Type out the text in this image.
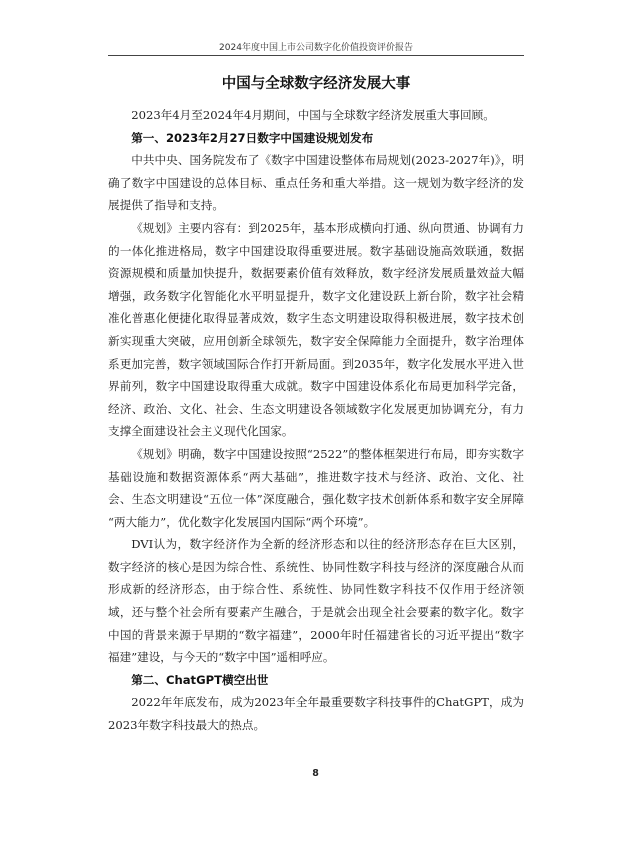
2024年度中国上市公司数字化价值投资评价报告
中国与全球数字经济发展大事

2023年4月至2024年4月期间，中国与全球数字经济发展重大事回顾。

第一、2023年2月27日数字中国建设规划发布

中共中央、国务院发布了《数字中国建设整体布局规划(2023-2027年)》，明确了数字中国建设的总体目标、重点任务和重大举措。这一规划为数字经济的发展提供了指导和支持。

《规划》主要内容有：到2025年，基本形成横向打通、纵向贯通、协调有力的一体化推进格局，数字中国建设取得重要进展。数字基础设施高效联通，数据资源规模和质量加快提升，数据要素价值有效释放，数字经济发展质量效益大幅增强，政务数字化智能化水平明显提升，数字文化建设跃上新台阶，数字社会精准化普惠化便捷化取得显著成效，数字生态文明建设取得积极进展，数字技术创新实现重大突破，应用创新全球领先，数字安全保障能力全面提升，数字治理体系更加完善，数字领域国际合作打开新局面。到2035年，数字化发展水平进入世界前列，数字中国建设取得重大成就。数字中国建设体系化布局更加科学完备，经济、政治、文化、社会、生态文明建设各领域数字化发展更加协调充分，有力支撑全面建设社会主义现代化国家。

《规划》明确，数字中国建设按照“2522”的整体框架进行布局，即夯实数字基础设施和数据资源体系“两大基础”，推进数字技术与经济、政治、文化、社会、生态文明建设“五位一体”深度融合，强化数字技术创新体系和数字安全屏障 “两大能力”，优化数字化发展国内国际“两个环境”。

DVI认为，数字经济作为全新的经济形态和以往的经济形态存在巨大区别，数字经济的核心是因为综合性、系统性、协同性数字科技与经济的深度融合从而形成新的经济形态，由于综合性、系统性、协同性数字科技不仅作用于经济领域，还与整个社会所有要素产生融合，于是就会出现全社会要素的数字化。数字中国的背景来源于早期的“数字福建”，2000年时任福建省长的习近平提出“数字福建”建设，与今天的“数字中国”遥相呼应。

第二、ChatGPT横空出世

2022年年底发布，成为2023年全年最重要数字科技事件的ChatGPT，成为2023年数字科技最大的热点。

8
